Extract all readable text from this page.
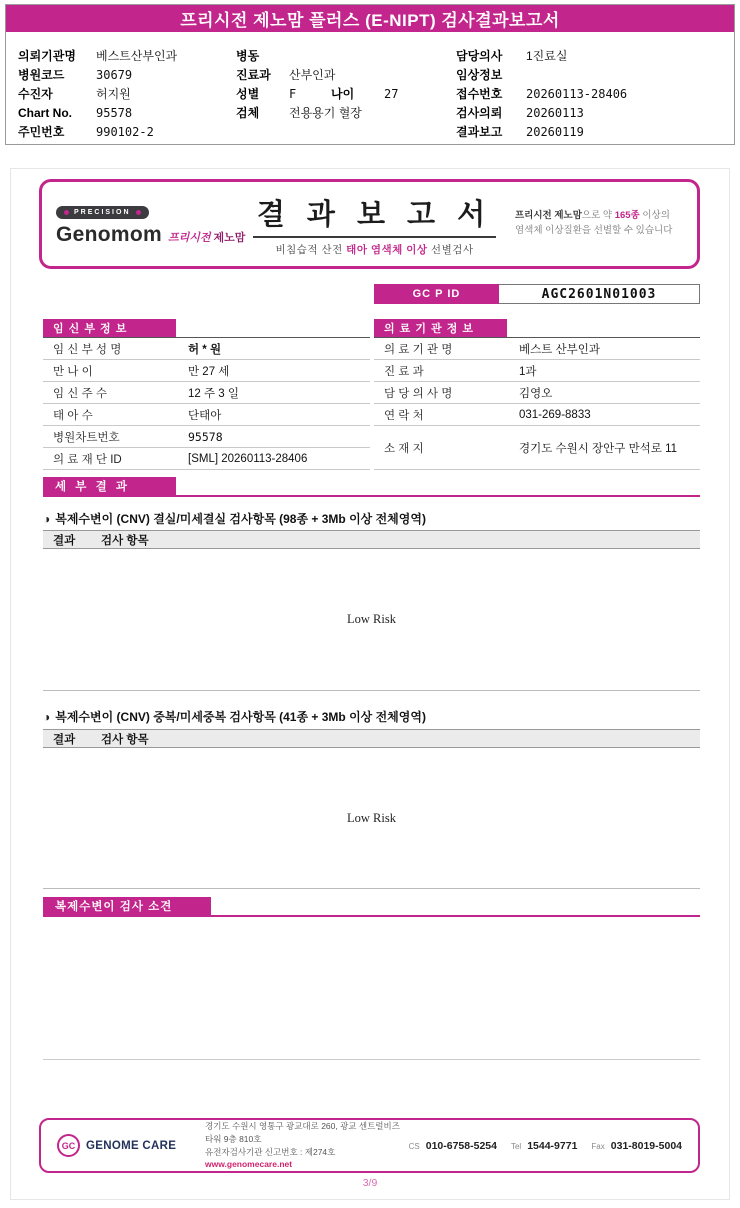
프리시전 제노맘 플러스 (E-NIPT) 검사결과보고서
의뢰기관명	베스트산부인과
병원코드	30679
수진자	허지원
Chart No.	95578
주민번호	990102-2
병동
진료과	산부인과
성별	F	나이	27
검체	전용용기 혈장
담당의사	1진료실
임상정보
접수번호	20260113-28406
검사의뢰	20260113
결과보고	20260119
PRECISION
Genomom 프리시전 제노맘
결 과 보 고 서
비침습적 산전 태아 염색체 이상 선별검사
프리시전 제노맘으로 약 165종 이상의
염색체 이상질환을 선별할 수 있습니다
GC P ID	AGC2601N01003
임 신 부 정 보
임 신 부 성 명	허 * 원
만 나 이	만 27 세
임 신 주 수	12 주 3 일
태 아 수	단태아
병원차트번호	95578
의 료 재 단 ID	[SML] 20260113-28406
의 료 기 관 정 보
의 료 기 관 명	베스트 산부인과
진 료 과	1과
담 당 의 사 명	김영오
연 락 처	031-269-8833
소 재 지	경기도 수원시 장안구 만석로 11
세 부 결 과
◑ 복제수변이 (CNV) 결실/미세결실 검사항목 (98종 + 3Mb 이상 전체영역)
결과	검사 항목
Low Risk
◑ 복제수변이 (CNV) 중복/미세중복 검사항목 (41종 + 3Mb 이상 전체영역)
결과	검사 항목
Low Risk
복제수변이 검사 소견
GC GENOME CARE
경기도 수원시 영통구 광교대로 260, 광교 센트럴비즈타워 9층 810호
유전자검사기관 신고번호 : 제274호
www.genomecare.net
CS 010-6758-5254 Tel 1544-9771 Fax 031-8019-5004
3/9
